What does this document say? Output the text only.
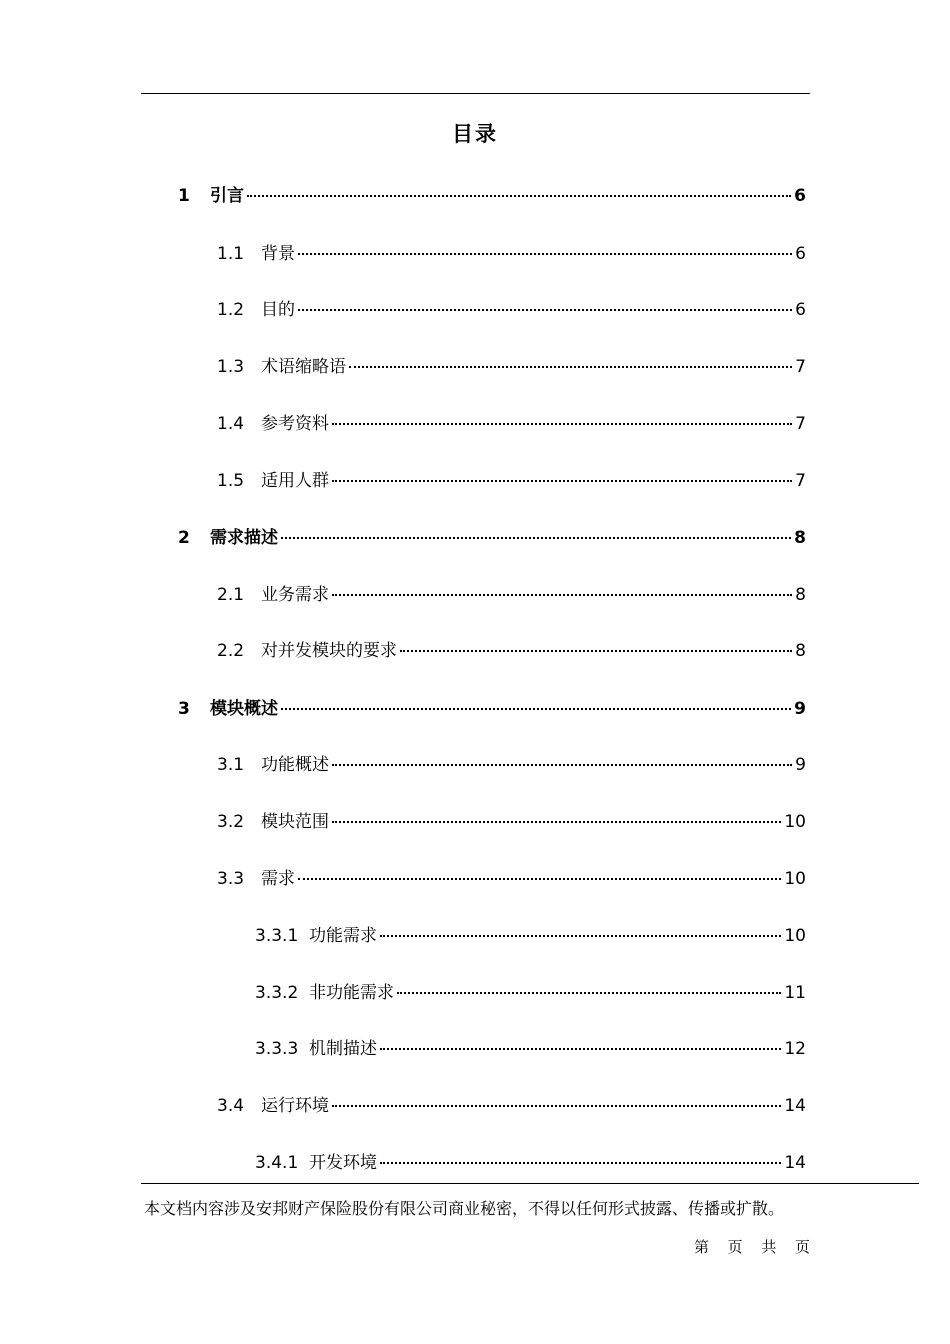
目录
1	引言	6
1.1 背景	6
1.2 目的	6
1.3 术语缩略语	7
1.4 参考资料	7
1.5 适用人群	7
2	需求描述	8
2.1 业务需求	8
2.2 对并发模块的要求	8
3	模块概述	9
3.1 功能概述	9
3.2 模块范围	10
3.3 需求	10
3.3.1 功能需求	10
3.3.2 非功能需求	11
3.3.3 机制描述	12
3.4 运行环境	14
3.4.1 开发环境	14
本文档内容涉及安邦财产保险股份有限公司商业秘密，不得以任何形式披露、传播或扩散。
第 页 共 页
